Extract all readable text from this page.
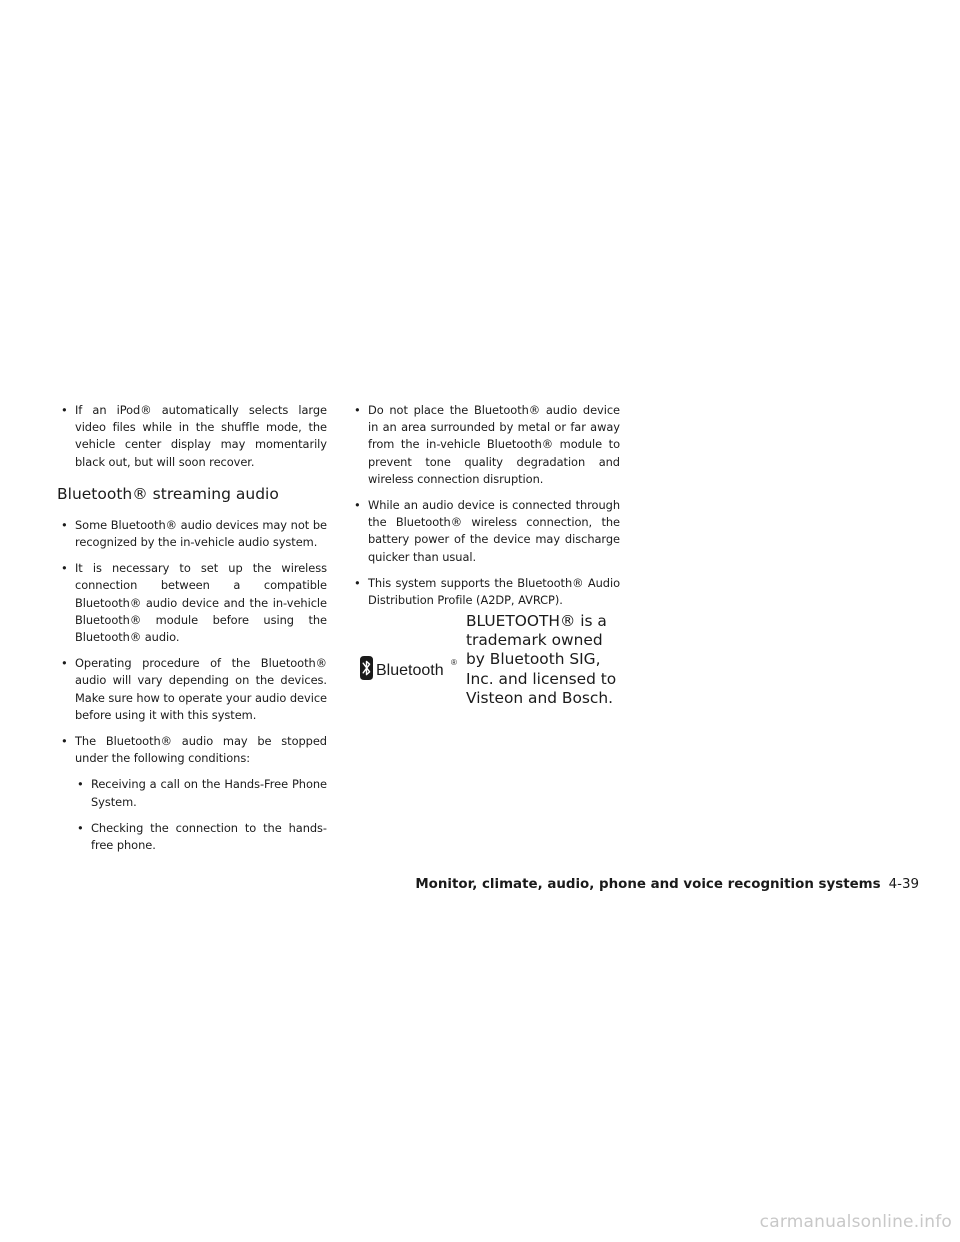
• If an iPod® automatically selects large video files while in the shuffle mode, the vehicle center display may momentarily black out, but will soon recover.

Bluetooth® streaming audio

• Some Bluetooth® audio devices may not be recognized by the in-vehicle audio system.

• It is necessary to set up the wireless connection between a compatible Bluetooth® audio device and the in-vehicle Bluetooth® module before using the Bluetooth® audio.

• Operating procedure of the Bluetooth® audio will vary depending on the devices. Make sure how to operate your audio device before using it with this system.

• The Bluetooth® audio may be stopped under the following conditions:

• Receiving a call on the Hands-Free Phone System.

• Checking the connection to the hands-free phone.

• Do not place the Bluetooth® audio device in an area surrounded by metal or far away from the in-vehicle Bluetooth® module to prevent tone quality degradation and wireless connection disruption.

• While an audio device is connected through the Bluetooth® wireless connection, the battery power of the device may discharge quicker than usual.

• This system supports the Bluetooth® Audio Distribution Profile (A2DP, AVRCP).

Bluetooth ®
BLUETOOTH® is a trademark owned by Bluetooth SIG, Inc. and licensed to Visteon and Bosch.
Monitor, climate, audio, phone and voice recognition systems 4-39
carmanualsonline.info
